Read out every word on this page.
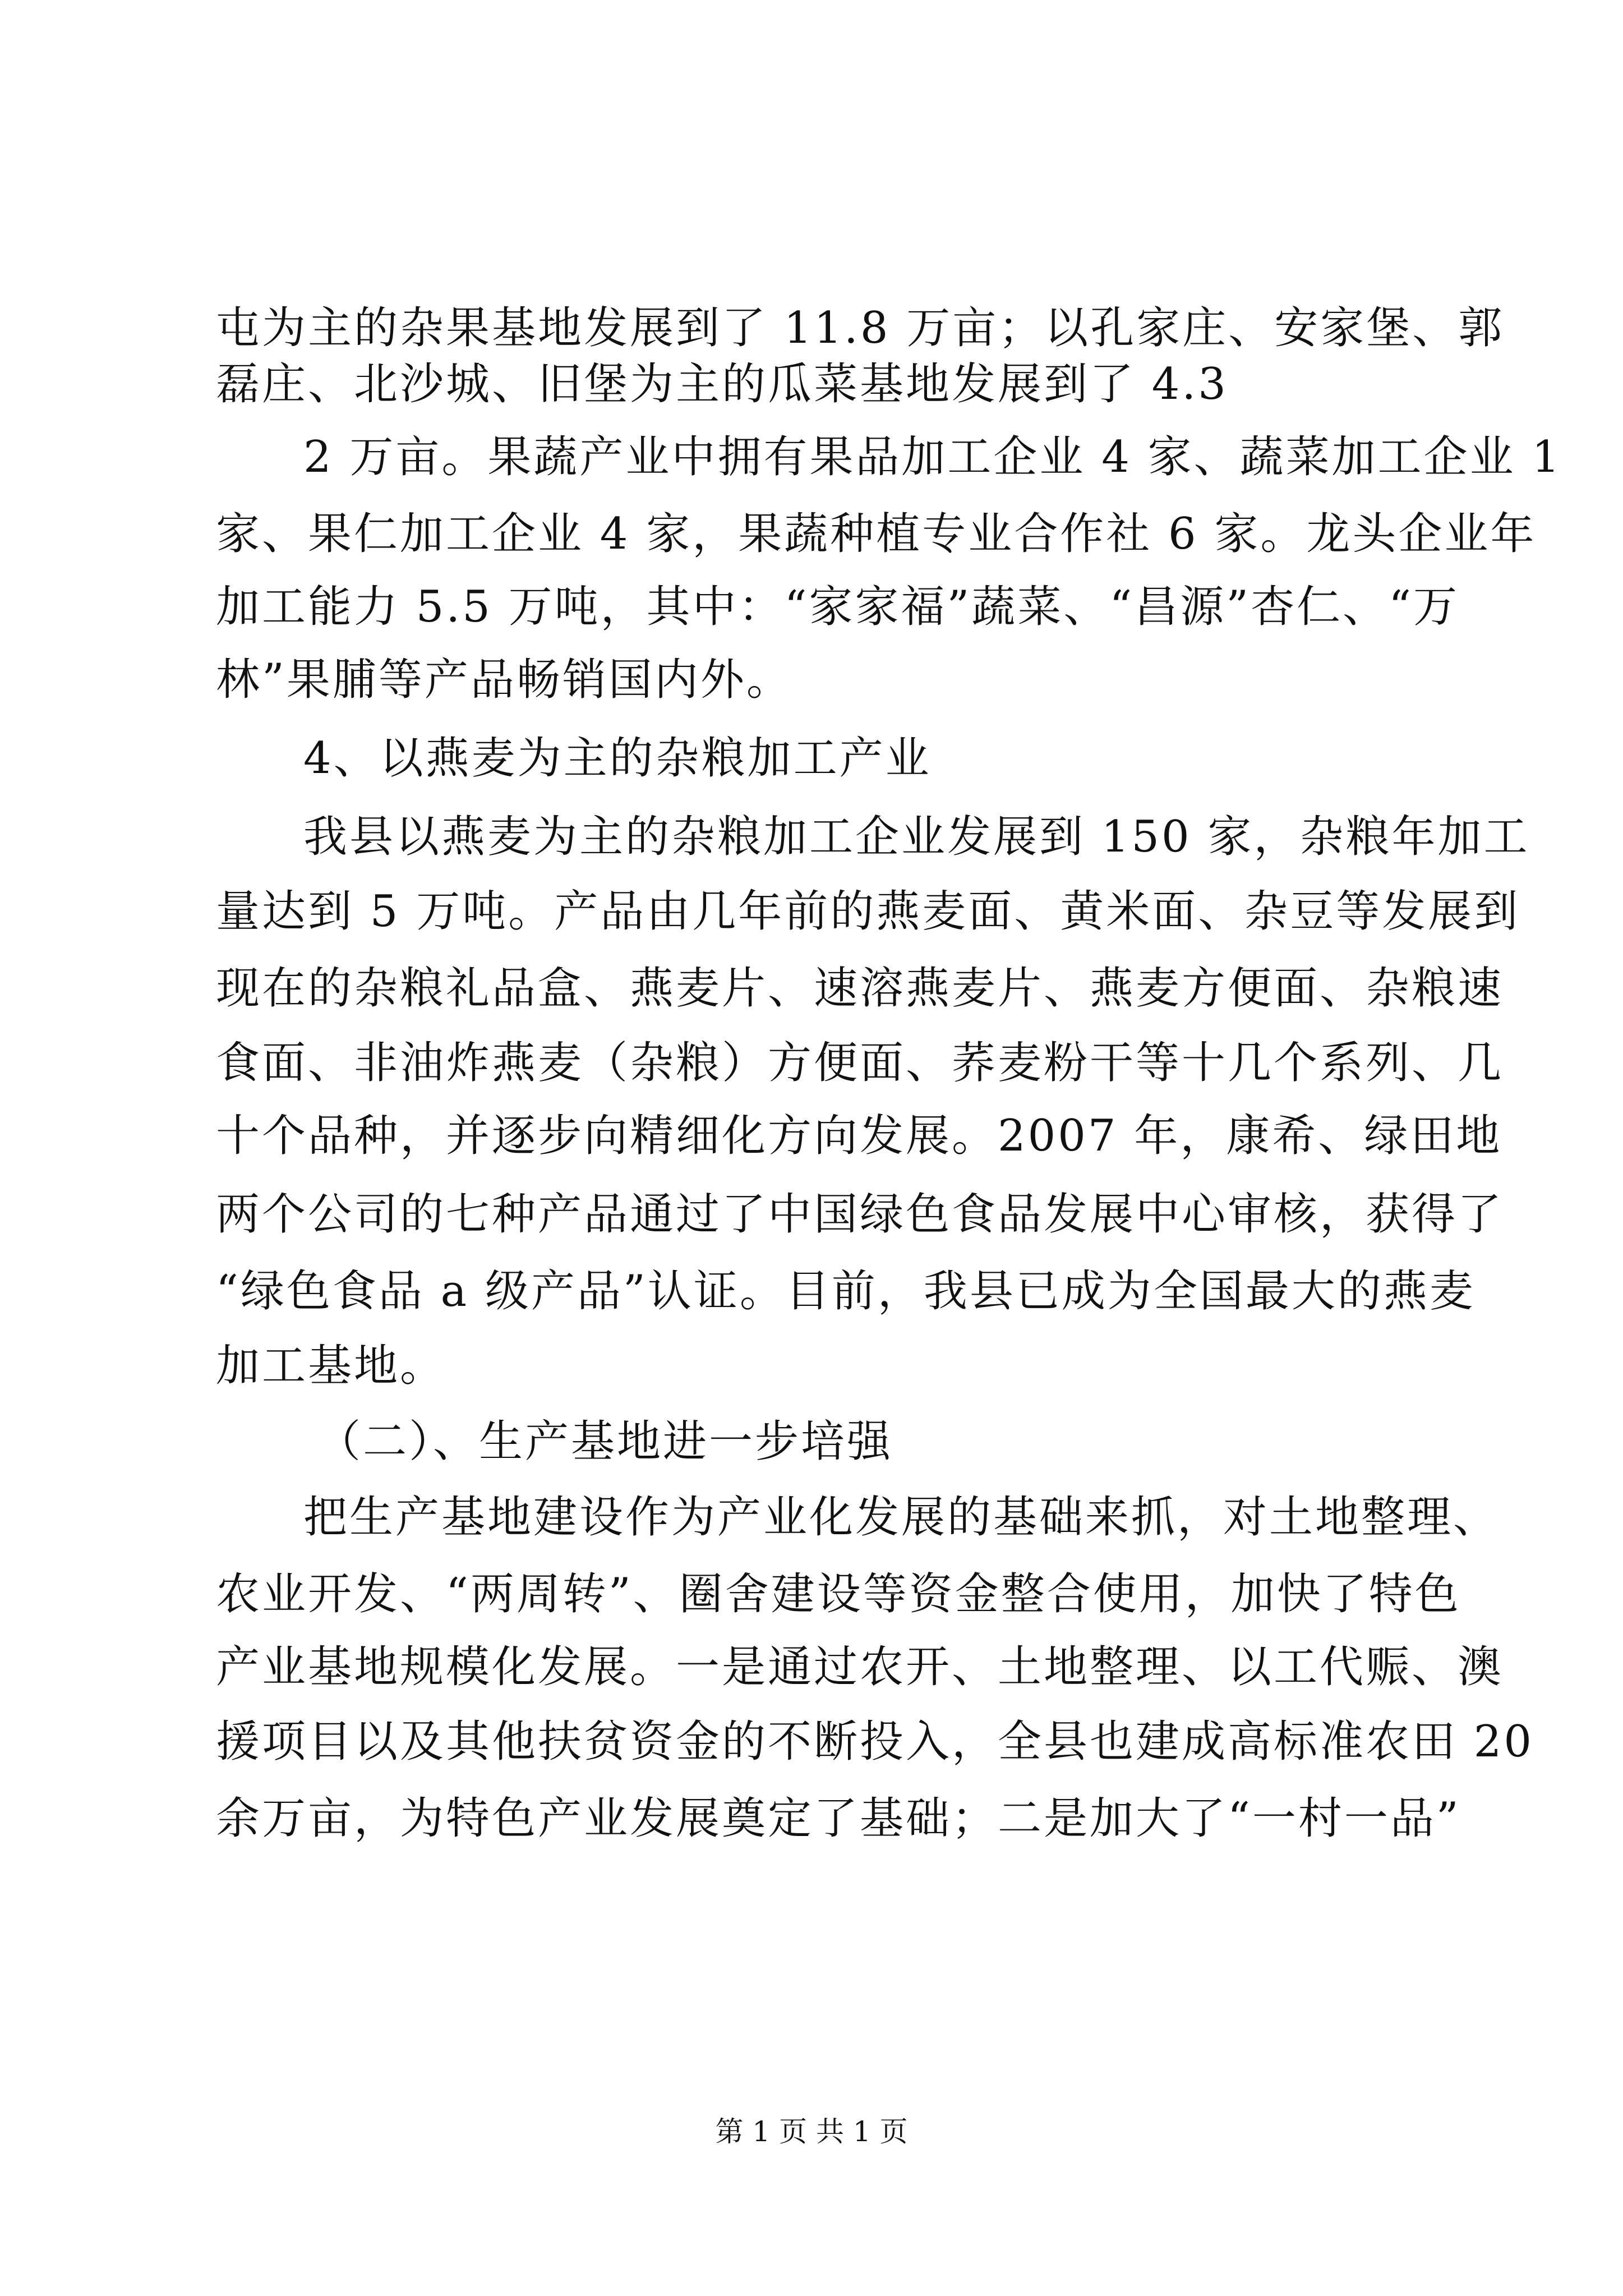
屯为主的杂果基地发展到了 11.8 万亩；以孔家庄、安家堡、郭
磊庄、北沙城、旧堡为主的瓜菜基地发展到了 4.3
2 万亩。果蔬产业中拥有果品加工企业 4 家、蔬菜加工企业 1
家、果仁加工企业 4 家，果蔬种植专业合作社 6 家。龙头企业年
加工能力 5.5 万吨，其中：“家家福”蔬菜、“昌源”杏仁、“万
林”果脯等产品畅销国内外。
4、以燕麦为主的杂粮加工产业
我县以燕麦为主的杂粮加工企业发展到 150 家，杂粮年加工
量达到 5 万吨。产品由几年前的燕麦面、黄米面、杂豆等发展到
现在的杂粮礼品盒、燕麦片、速溶燕麦片、燕麦方便面、杂粮速
食面、非油炸燕麦（杂粮）方便面、荞麦粉干等十几个系列、几
十个品种，并逐步向精细化方向发展。2007 年，康希、绿田地
两个公司的七种产品通过了中国绿色食品发展中心审核，获得了
“绿色食品 a 级产品”认证。目前，我县已成为全国最大的燕麦
加工基地。
（二）、生产基地进一步培强
把生产基地建设作为产业化发展的基础来抓，对土地整理、
农业开发、“两周转”、圈舍建设等资金整合使用，加快了特色
产业基地规模化发展。一是通过农开、土地整理、以工代赈、澳
援项目以及其他扶贫资金的不断投入，全县也建成高标准农田 20
余万亩，为特色产业发展奠定了基础；二是加大了“一村一品”
第 1 页 共 1 页
